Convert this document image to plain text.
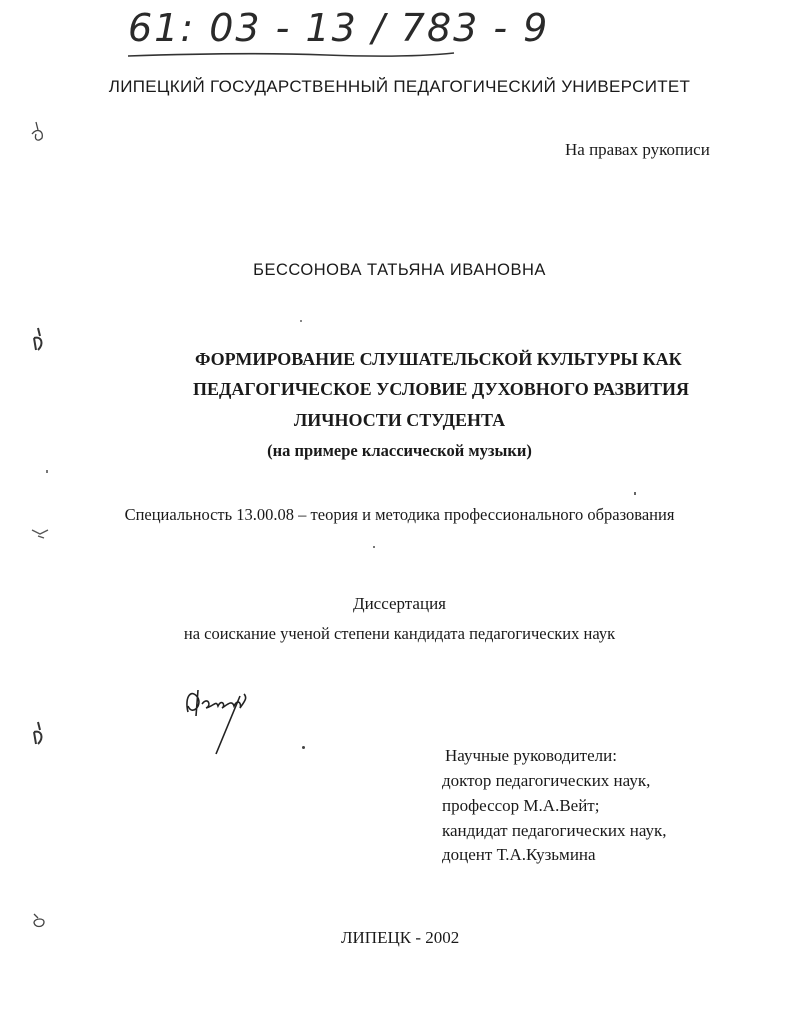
61: 03 - 13 / 783 - 9
ЛИПЕЦКИЙ ГОСУДАРСТВЕННЫЙ ПЕДАГОГИЧЕСКИЙ УНИВЕРСИТЕТ
На правах рукописи
БЕССОНОВА ТАТЬЯНА ИВАНОВНА
ФОРМИРОВАНИЕ СЛУШАТЕЛЬСКОЙ КУЛЬТУРЫ КАК
ПЕДАГОГИЧЕСКОЕ УСЛОВИЕ ДУХОВНОГО РАЗВИТИЯ
ЛИЧНОСТИ СТУДЕНТА
(на примере классической музыки)
Специальность 13.00.08 – теория и методика профессионального образования
Диссертация
на соискание ученой степени кандидата педагогических наук
Научные руководители:
доктор педагогических наук,
профессор М.А.Вейт;
кандидат педагогических наук,
доцент Т.А.Кузьмина
ЛИПЕЦК - 2002
